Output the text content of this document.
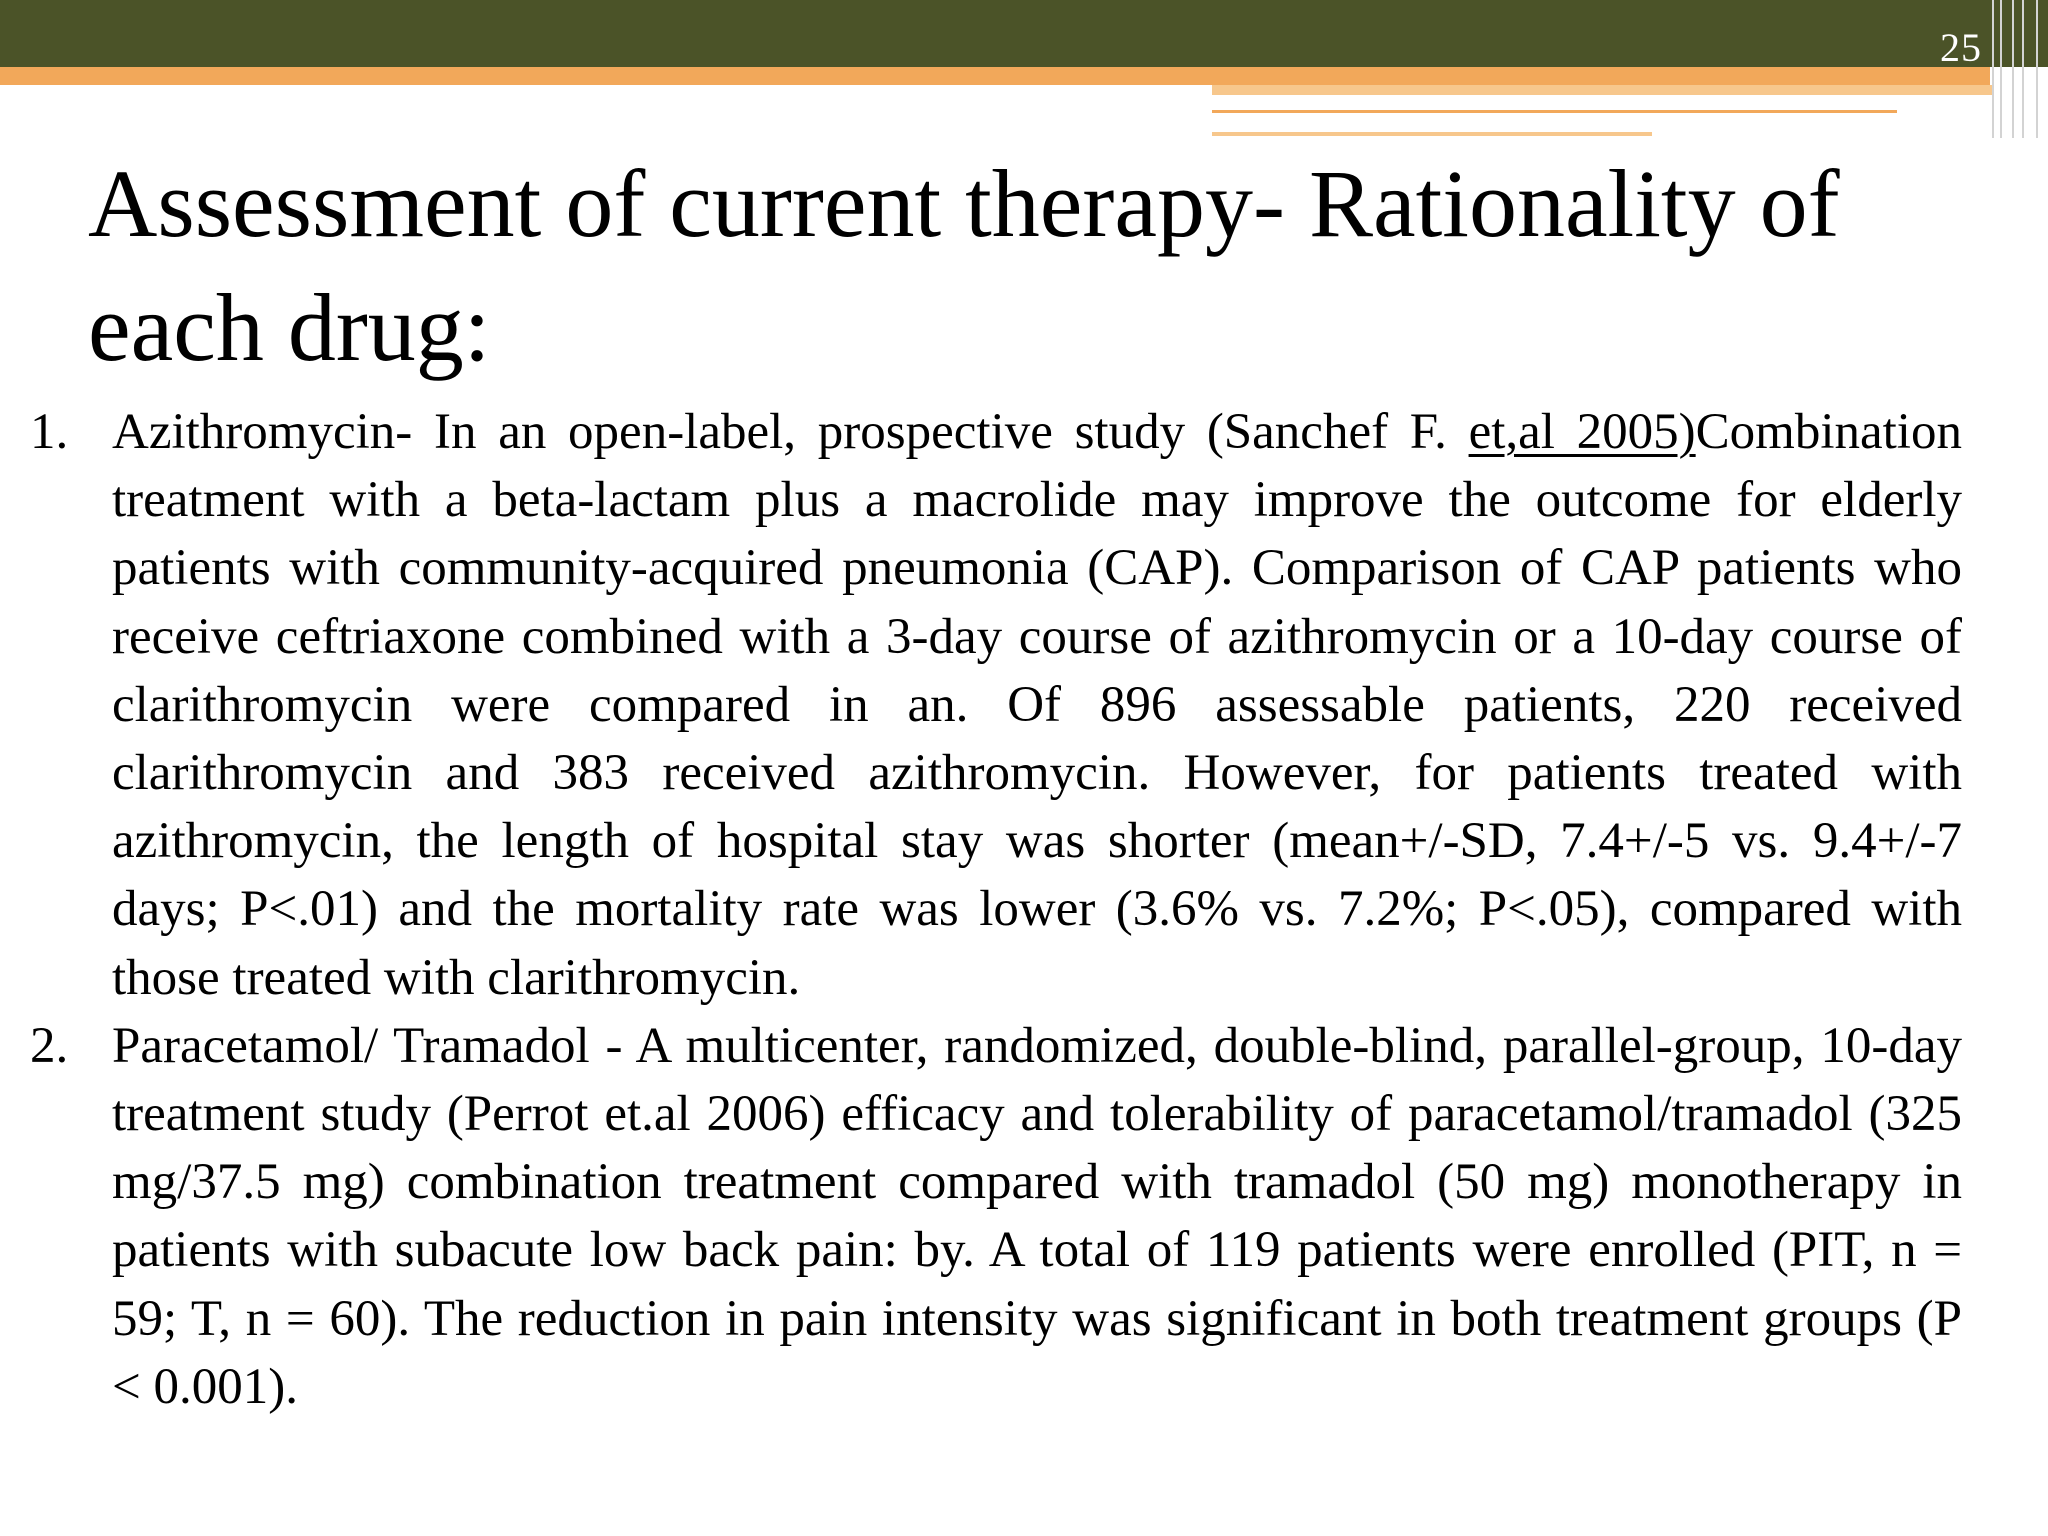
25
Assessment of current therapy- Rationality of each drug:
1. Azithromycin- In an open-label, prospective study (Sanchef F. et,al 2005)Combination treatment with a beta-lactam plus a macrolide may improve the outcome for elderly patients with community-acquired pneumonia (CAP). Comparison of CAP patients who receive ceftriaxone combined with a 3-day course of azithromycin or a 10-day course of clarithromycin were compared in an. Of 896 assessable patients, 220 received clarithromycin and 383 received azithromycin. However, for patients treated with azithromycin, the length of hospital stay was shorter (mean+/-SD, 7.4+/-5 vs. 9.4+/-7 days; P<.01) and the mortality rate was lower (3.6% vs. 7.2%; P<.05), compared with those treated with clarithromycin.
2. Paracetamol/ Tramadol - A multicenter, randomized, double-blind, parallel-group, 10-day treatment study (Perrot et.al 2006) efficacy and tolerability of paracetamol/tramadol (325 mg/37.5 mg) combination treatment compared with tramadol (50 mg) monotherapy in patients with subacute low back pain: by. A total of 119 patients were enrolled (PIT, n = 59; T, n = 60). The reduction in pain intensity was significant in both treatment groups (P < 0.001).
